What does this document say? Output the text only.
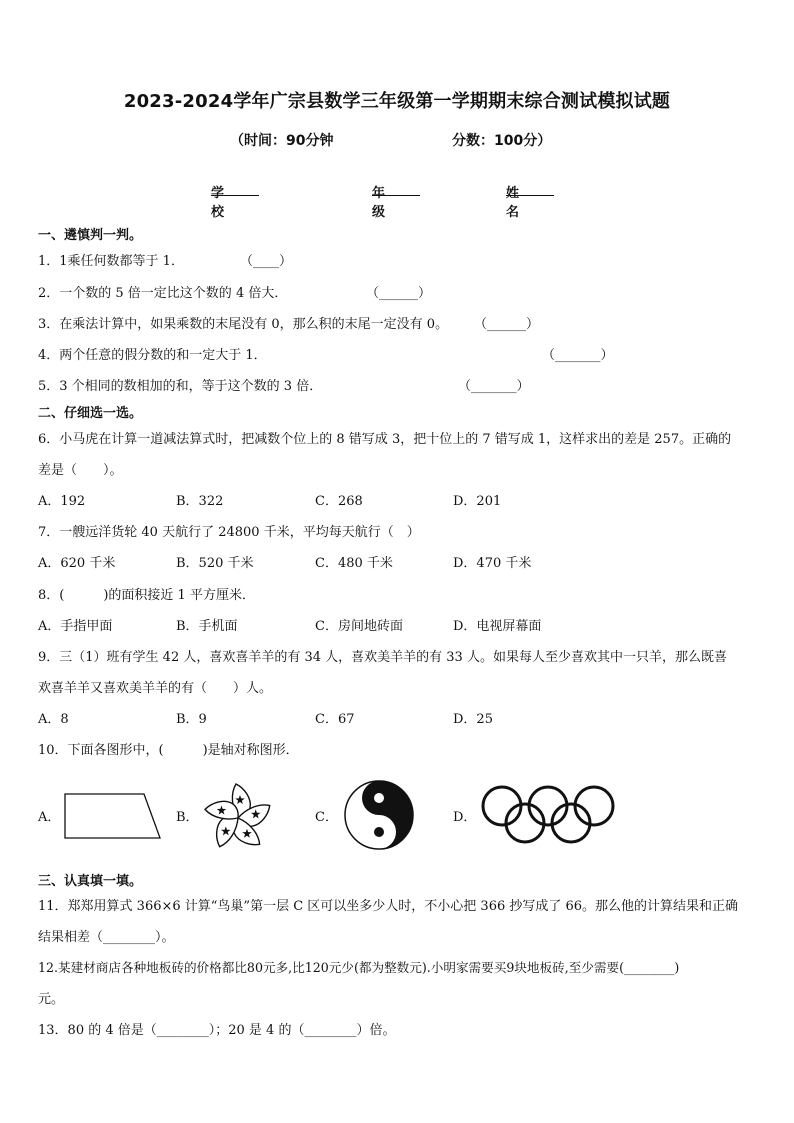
2023-2024学年广宗县数学三年级第一学期期末综合测试模拟试题
（时间：90分钟	分数：100分）
学校
年级
姓名
一、遴慎判一判。
1．1乘任何数都等于 1．	（____）
2．一个数的 5 倍一定比这个数的 4 倍大．	（______）
3．在乘法计算中，如果乘数的末尾没有 0，那么积的末尾一定没有 0。 （______）
4．两个任意的假分数的和一定大于 1．	（_______）
5．3 个相同的数相加的和，等于这个数的 3 倍．	（_______）
二、仔细选一选。
6．小马虎在计算一道减法算式时，把减数个位上的 8 错写成 3，把十位上的 7 错写成 1，这样求出的差是 257。正确的
差是（　　）。
A．192	B．322	C．268	D．201
7．一艘远洋货轮 40 天航行了 24800 千米，平均每天航行（　）
A．620 千米	B．520 千米	C．480 千米	D．470 千米
8．(　　　)的面积接近 1 平方厘米．
A．手指甲面	B．手机面	C．房间地砖面	D．电视屏幕面
9．三（1）班有学生 42 人，喜欢喜羊羊的有 34 人，喜欢美羊羊的有 33 人。如果每人至少喜欢其中一只羊，那么既喜
欢喜羊羊又喜欢美羊羊的有（　　）人。
A．8	B．9	C．67	D．25
10．下面各图形中，(　　　)是轴对称图形．
A．	B．	C．	D．
三、认真填一填。
11．郑郑用算式 366×6 计算“鸟巢”第一层 C 区可以坐多少人时，不小心把 366 抄写成了 66。那么他的计算结果和正确
结果相差（________）。
12.某建材商店各种地板砖的价格都比80元多,比120元少(都为整数元).小明家需要买9块地板砖,至少需要(________)
元。
13．80 的 4 倍是（________）；20 是 4 的（________）倍。
